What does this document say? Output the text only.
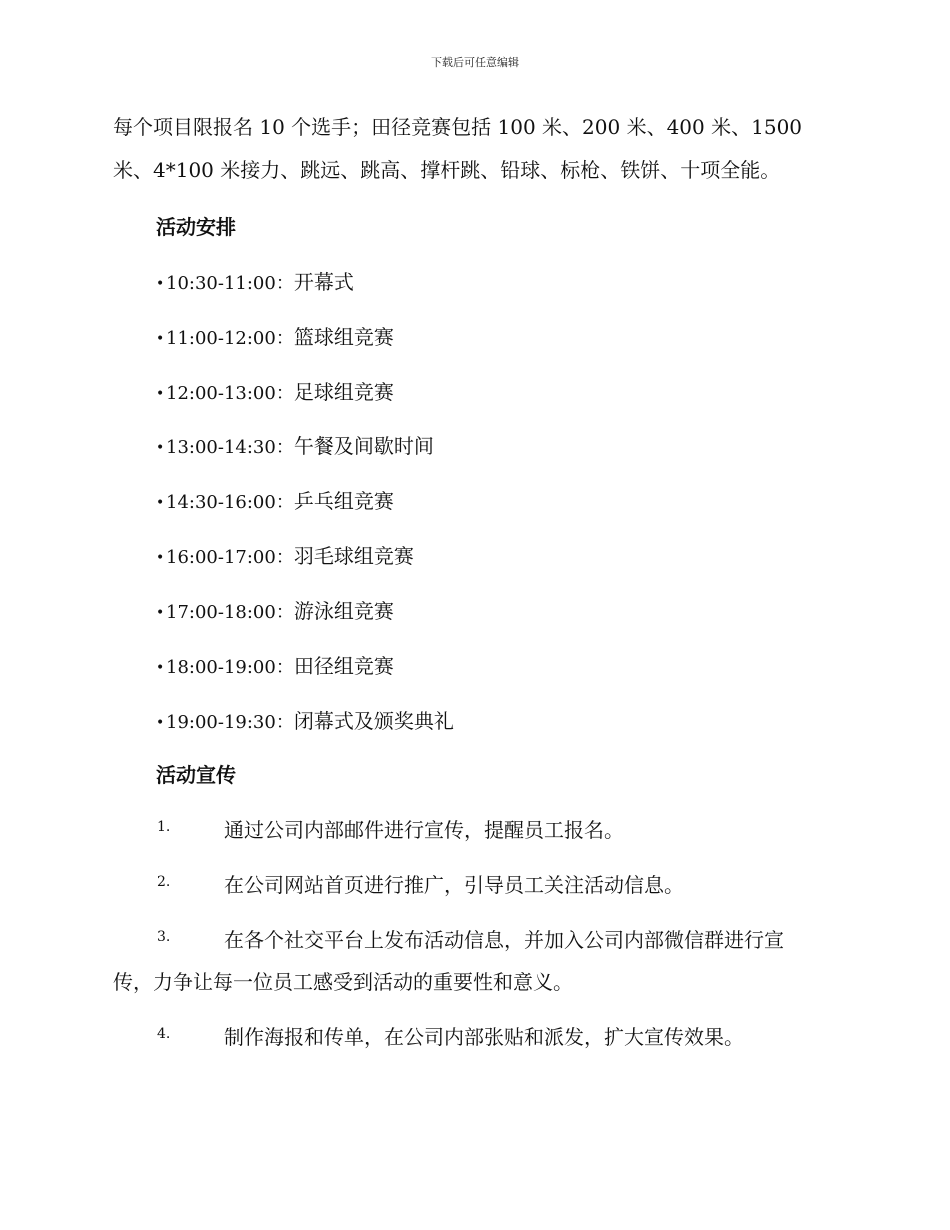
下载后可任意编辑
每个项目限报名 10 个选手；田径竞赛包括 100 米、200 米、400 米、1500
米、4*100 米接力、跳远、跳高、撑杆跳、铅球、标枪、铁饼、十项全能。
活动安排
•10:30-11:00：开幕式
•11:00-12:00：篮球组竞赛
•12:00-13:00：足球组竞赛
•13:00-14:30：午餐及间歇时间
•14:30-16:00：乒乓组竞赛
•16:00-17:00：羽毛球组竞赛
•17:00-18:00：游泳组竞赛
•18:00-19:00：田径组竞赛
•19:00-19:30：闭幕式及颁奖典礼
活动宣传
1.	通过公司内部邮件进行宣传，提醒员工报名。
2.	在公司网站首页进行推广，引导员工关注活动信息。
3.	在各个社交平台上发布活动信息，并加入公司内部微信群进行宣
传，力争让每一位员工感受到活动的重要性和意义。
4.	制作海报和传单，在公司内部张贴和派发，扩大宣传效果。
